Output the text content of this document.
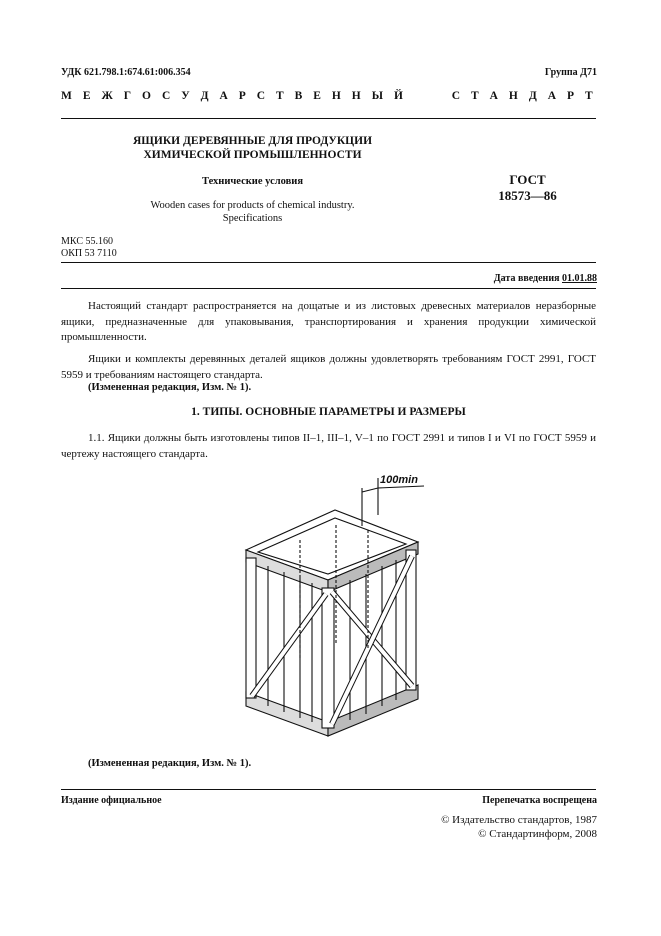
УДК 621.798.1:674.61:006.354	Группа Д71
М Е Ж Г О С У Д А Р С Т В Е Н Н Ы Й	С Т А Н Д А Р Т
ЯЩИКИ ДЕРЕВЯННЫЕ ДЛЯ ПРОДУКЦИИ
ХИМИЧЕСКОЙ ПРОМЫШЛЕННОСТИ
Технические условия
Wooden cases for products of chemical industry.
Specifications
ГОСТ
18573—86
МКС 55.160
ОКП 53 7110
Дата введения 01.01.88
Настоящий стандарт распространяется на дощатые и из листовых древесных материалов неразборные ящики, предназначенные для упаковывания, транспортирования и хранения продукции химической промышленности.
Ящики и комплекты деревянных деталей ящиков должны удовлетворять требованиям ГОСТ 2991, ГОСТ 5959 и требованиям настоящего стандарта.
(Измененная редакция, Изм. № 1).
1. ТИПЫ. ОСНОВНЫЕ ПАРАМЕТРЫ И РАЗМЕРЫ
1.1. Ящики должны быть изготовлены типов II–1, III–1, V–1 по ГОСТ 2991 и типов I и VI по ГОСТ 5959 и чертежу настоящего стандарта.
100min
(Измененная редакция, Изм. № 1).
Издание официальное	Перепечатка воспрещена
© Издательство стандартов, 1987
© Стандартинформ, 2008
